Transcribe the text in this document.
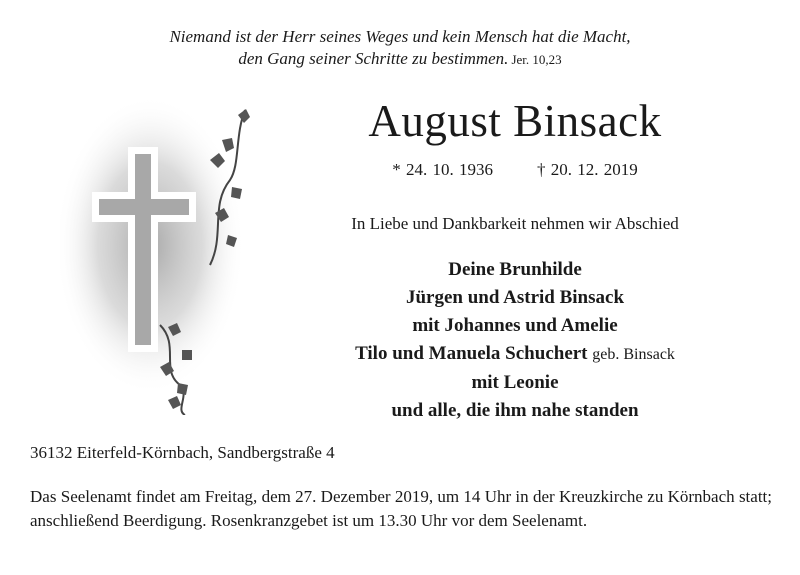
Niemand ist der Herr seines Weges und kein Mensch hat die Macht,
den Gang seiner Schritte zu bestimmen. Jer. 10,23
August Binsack
* 24. 10. 1936	† 20. 12. 2019
In Liebe und Dankbarkeit nehmen wir Abschied
Deine Brunhilde
Jürgen und Astrid Binsack
mit Johannes und Amelie
Tilo und Manuela Schuchert geb. Binsack
mit Leonie
und alle, die ihm nahe standen
36132 Eiterfeld-Körnbach, Sandbergstraße 4
Das Seelenamt findet am Freitag, dem 27. Dezember 2019, um 14 Uhr in der Kreuzkirche zu Körnbach statt; anschließend Beerdigung. Rosenkranzgebet ist um 13.30 Uhr vor dem Seelenamt.
